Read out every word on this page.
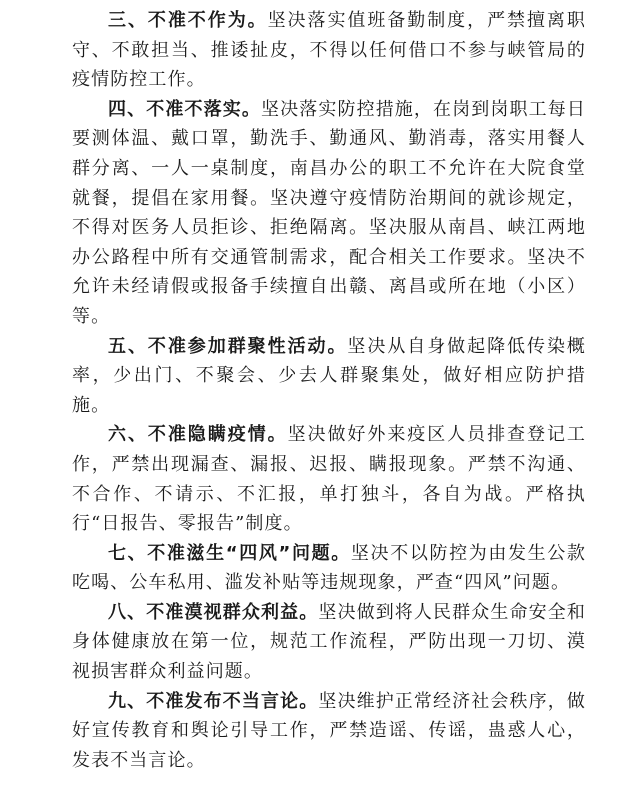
三、不准不作为。坚决落实值班备勤制度，严禁擅离职守、不敢担当、推诿扯皮，不得以任何借口不参与峡管局的疫情防控工作。

四、不准不落实。坚决落实防控措施，在岗到岗职工每日要测体温、戴口罩，勤洗手、勤通风、勤消毒，落实用餐人群分离、一人一桌制度，南昌办公的职工不允许在大院食堂就餐，提倡在家用餐。坚决遵守疫情防治期间的就诊规定，不得对医务人员拒诊、拒绝隔离。坚决服从南昌、峡江两地办公路程中所有交通管制需求，配合相关工作要求。坚决不允许未经请假或报备手续擅自出赣、离昌或所在地（小区）等。

五、不准参加群聚性活动。坚决从自身做起降低传染概率，少出门、不聚会、少去人群聚集处，做好相应防护措施。

六、不准隐瞒疫情。坚决做好外来疫区人员排查登记工作，严禁出现漏查、漏报、迟报、瞒报现象。严禁不沟通、不合作、不请示、不汇报，单打独斗，各自为战。严格执行“日报告、零报告”制度。

七、不准滋生“四风”问题。坚决不以防控为由发生公款吃喝、公车私用、滥发补贴等违规现象，严查“四风”问题。

八、不准漠视群众利益。坚决做到将人民群众生命安全和身体健康放在第一位，规范工作流程，严防出现一刀切、漠视损害群众利益问题。

九、不准发布不当言论。坚决维护正常经济社会秩序，做好宣传教育和舆论引导工作，严禁造谣、传谣，蛊惑人心，发表不当言论。
